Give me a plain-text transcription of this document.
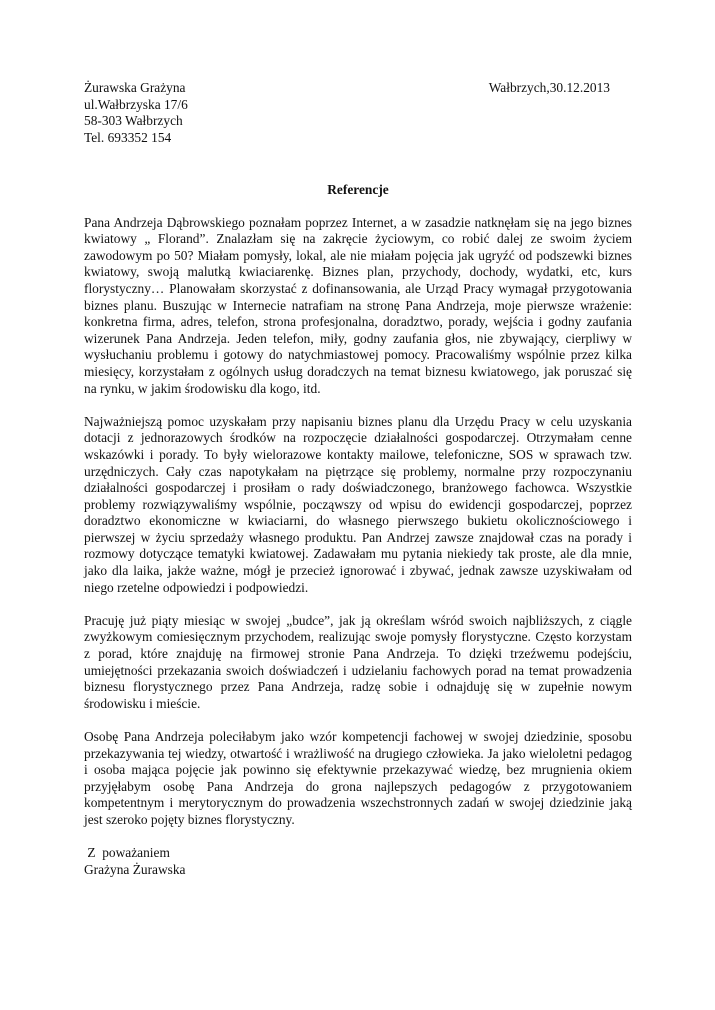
Żurawska Grażyna
ul.Wałbrzyska 17/6
58-303 Wałbrzych
Tel. 693352 154
Wałbrzych,30.12.2013
Referencje

Pana Andrzeja Dąbrowskiego poznałam poprzez Internet, a w zasadzie natknęłam się na jego biznes kwiatowy „ Florand”. Znalazłam się na zakręcie życiowym, co robić dalej ze swoim życiem zawodowym po 50? Miałam pomysły, lokal, ale nie miałam pojęcia jak ugryźć od podszewki biznes kwiatowy, swoją malutką kwiaciarenkę. Biznes plan, przychody, dochody, wydatki, etc, kurs florystyczny… Planowałam skorzystać z dofinansowania, ale Urząd Pracy wymagał przygotowania biznes planu. Buszując w Internecie natrafiam na stronę Pana Andrzeja, moje pierwsze wrażenie: konkretna firma, adres, telefon, strona profesjonalna, doradztwo, porady, wejścia i godny zaufania wizerunek Pana Andrzeja. Jeden telefon, miły, godny zaufania głos, nie zbywający, cierpliwy w wysłuchaniu problemu i gotowy do natychmiastowej pomocy. Pracowaliśmy wspólnie przez kilka miesięcy, korzystałam z ogólnych usług doradczych na temat biznesu kwiatowego, jak poruszać się na rynku, w jakim środowisku dla kogo, itd.

Najważniejszą pomoc uzyskałam przy napisaniu biznes planu dla Urzędu Pracy w celu uzyskania dotacji z jednorazowych środków na rozpoczęcie działalności gospodarczej. Otrzymałam cenne wskazówki i porady. To były wielorazowe kontakty mailowe, telefoniczne, SOS w sprawach tzw. urzędniczych. Cały czas napotykałam na piętrzące się problemy, normalne przy rozpoczynaniu działalności gospodarczej i prosiłam o rady doświadczonego, branżowego fachowca. Wszystkie problemy rozwiązywaliśmy wspólnie, począwszy od wpisu do ewidencji gospodarczej, poprzez doradztwo ekonomiczne w kwiaciarni, do własnego pierwszego bukietu okolicznościowego i pierwszej w życiu sprzedaży własnego produktu. Pan Andrzej zawsze znajdował czas na porady i rozmowy dotyczące tematyki kwiatowej. Zadawałam mu pytania niekiedy tak proste, ale dla mnie, jako dla laika, jakże ważne, mógł je przecież ignorować i zbywać, jednak zawsze uzyskiwałam od niego rzetelne odpowiedzi i podpowiedzi.

Pracuję już piąty miesiąc w swojej „budce”, jak ją określam wśród swoich najbliższych, z ciągle zwyżkowym comiesięcznym przychodem, realizując swoje pomysły florystyczne. Często korzystam z porad, które znajduję na firmowej stronie Pana Andrzeja. To dzięki trzeźwemu podejściu, umiejętności przekazania swoich doświadczeń i udzielaniu fachowych porad na temat prowadzenia biznesu florystycznego przez Pana Andrzeja, radzę sobie i odnajduję się w zupełnie nowym środowisku i mieście.

Osobę Pana Andrzeja poleciłabym jako wzór kompetencji fachowej w swojej dziedzinie, sposobu przekazywania tej wiedzy, otwartość i wrażliwość na drugiego człowieka. Ja jako wieloletni pedagog i osoba mająca pojęcie jak powinno się efektywnie przekazywać wiedzę, bez mrugnienia okiem przyjęłabym osobę Pana Andrzeja do grona najlepszych pedagogów z przygotowaniem kompetentnym i merytorycznym do prowadzenia wszechstronnych zadań w swojej dziedzinie jaką jest szeroko pojęty biznes florystyczny.

Z  poważaniem
Grażyna Żurawska
